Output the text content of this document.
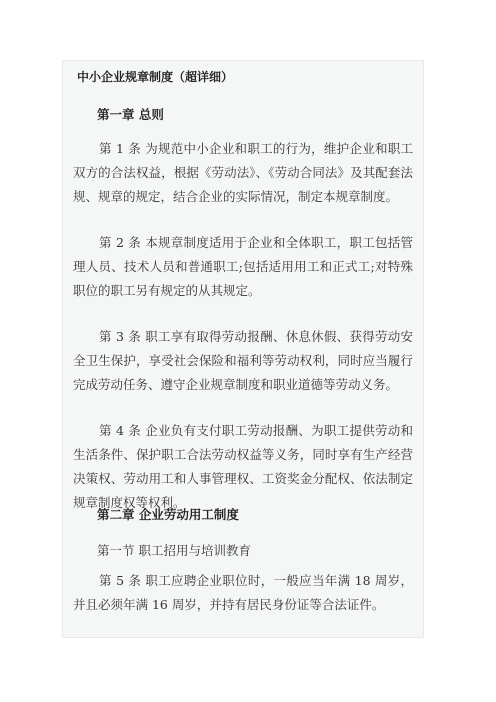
中小企业规章制度（超详细）
第一章 总则
第 1 条 为规范中小企业和职工的行为，维护企业和职工双方的合法权益，根据《劳动法》、《劳动合同法》及其配套法规、规章的规定，结合企业的实际情况，制定本规章制度。
第 2 条 本规章制度适用于企业和全体职工，职工包括管理人员、技术人员和普通职工;包括适用用工和正式工;对特殊职位的职工另有规定的从其规定。
第 3 条 职工享有取得劳动报酬、休息休假、获得劳动安全卫生保护，享受社会保险和福利等劳动权利，同时应当履行完成劳动任务、遵守企业规章制度和职业道德等劳动义务。
第 4 条 企业负有支付职工劳动报酬、为职工提供劳动和生活条件、保护职工合法劳动权益等义务，同时享有生产经营决策权、劳动用工和人事管理权、工资奖金分配权、依法制定规章制度权等权利。
第二章 企业劳动用工制度
第一节 职工招用与培训教育
第 5 条 职工应聘企业职位时，一般应当年满 18 周岁，并且必须年满 16 周岁，并持有居民身份证等合法证件。
